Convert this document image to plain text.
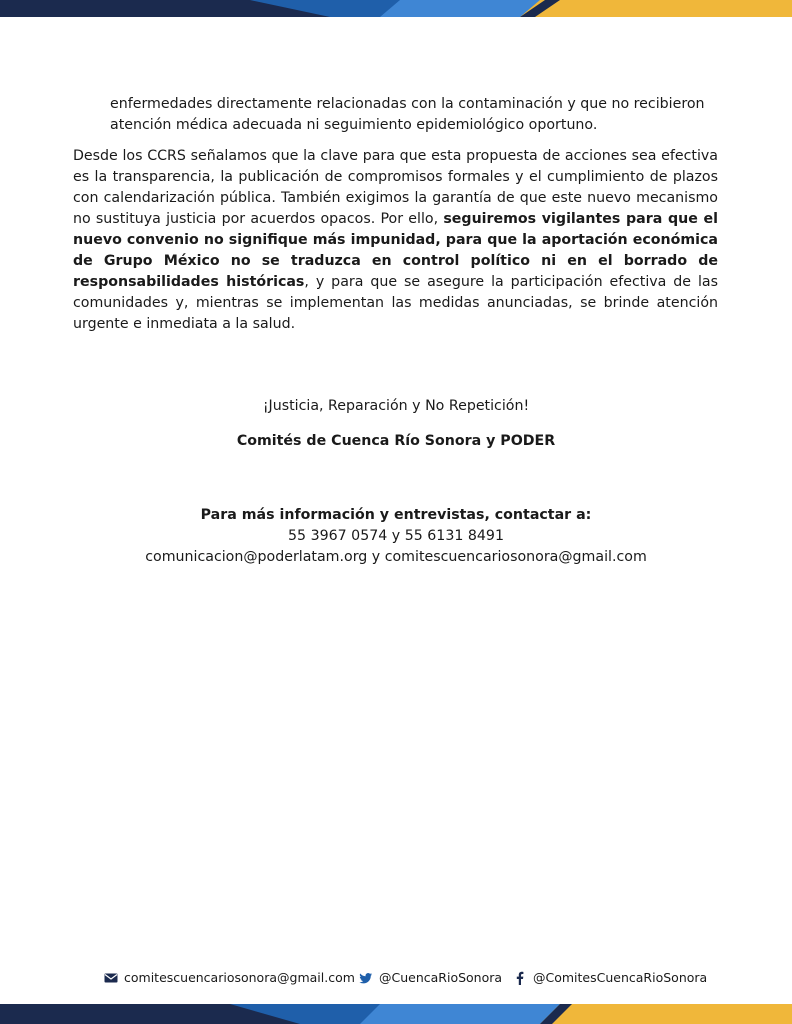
enfermedades directamente relacionadas con la contaminación y que no recibieron atención médica adecuada ni seguimiento epidemiológico oportuno.

Desde los CCRS señalamos que la clave para que esta propuesta de acciones sea efectiva es la transparencia, la publicación de compromisos formales y el cumplimiento de plazos con calendarización pública. También exigimos la garantía de que este nuevo mecanismo no sustituya justicia por acuerdos opacos. Por ello, seguiremos vigilantes para que el nuevo convenio no signifique más impunidad, para que la aportación económica de Grupo México no se traduzca en control político ni en el borrado de responsabilidades históricas, y para que se asegure la participación efectiva de las comunidades y, mientras se implementan las medidas anunciadas, se brinde atención urgente e inmediata a la salud.

¡Justicia, Reparación y No Repetición!
Comités de Cuenca Río Sonora y PODER
Para más información y entrevistas, contactar a:
55 3967 0574 y 55 6131 8491
comunicacion@poderlatam.org y comitescuencariosonora@gmail.com
comitescuencariosonora@gmail.com @CuencaRioSonora @ComitesCuencaRioSonora
